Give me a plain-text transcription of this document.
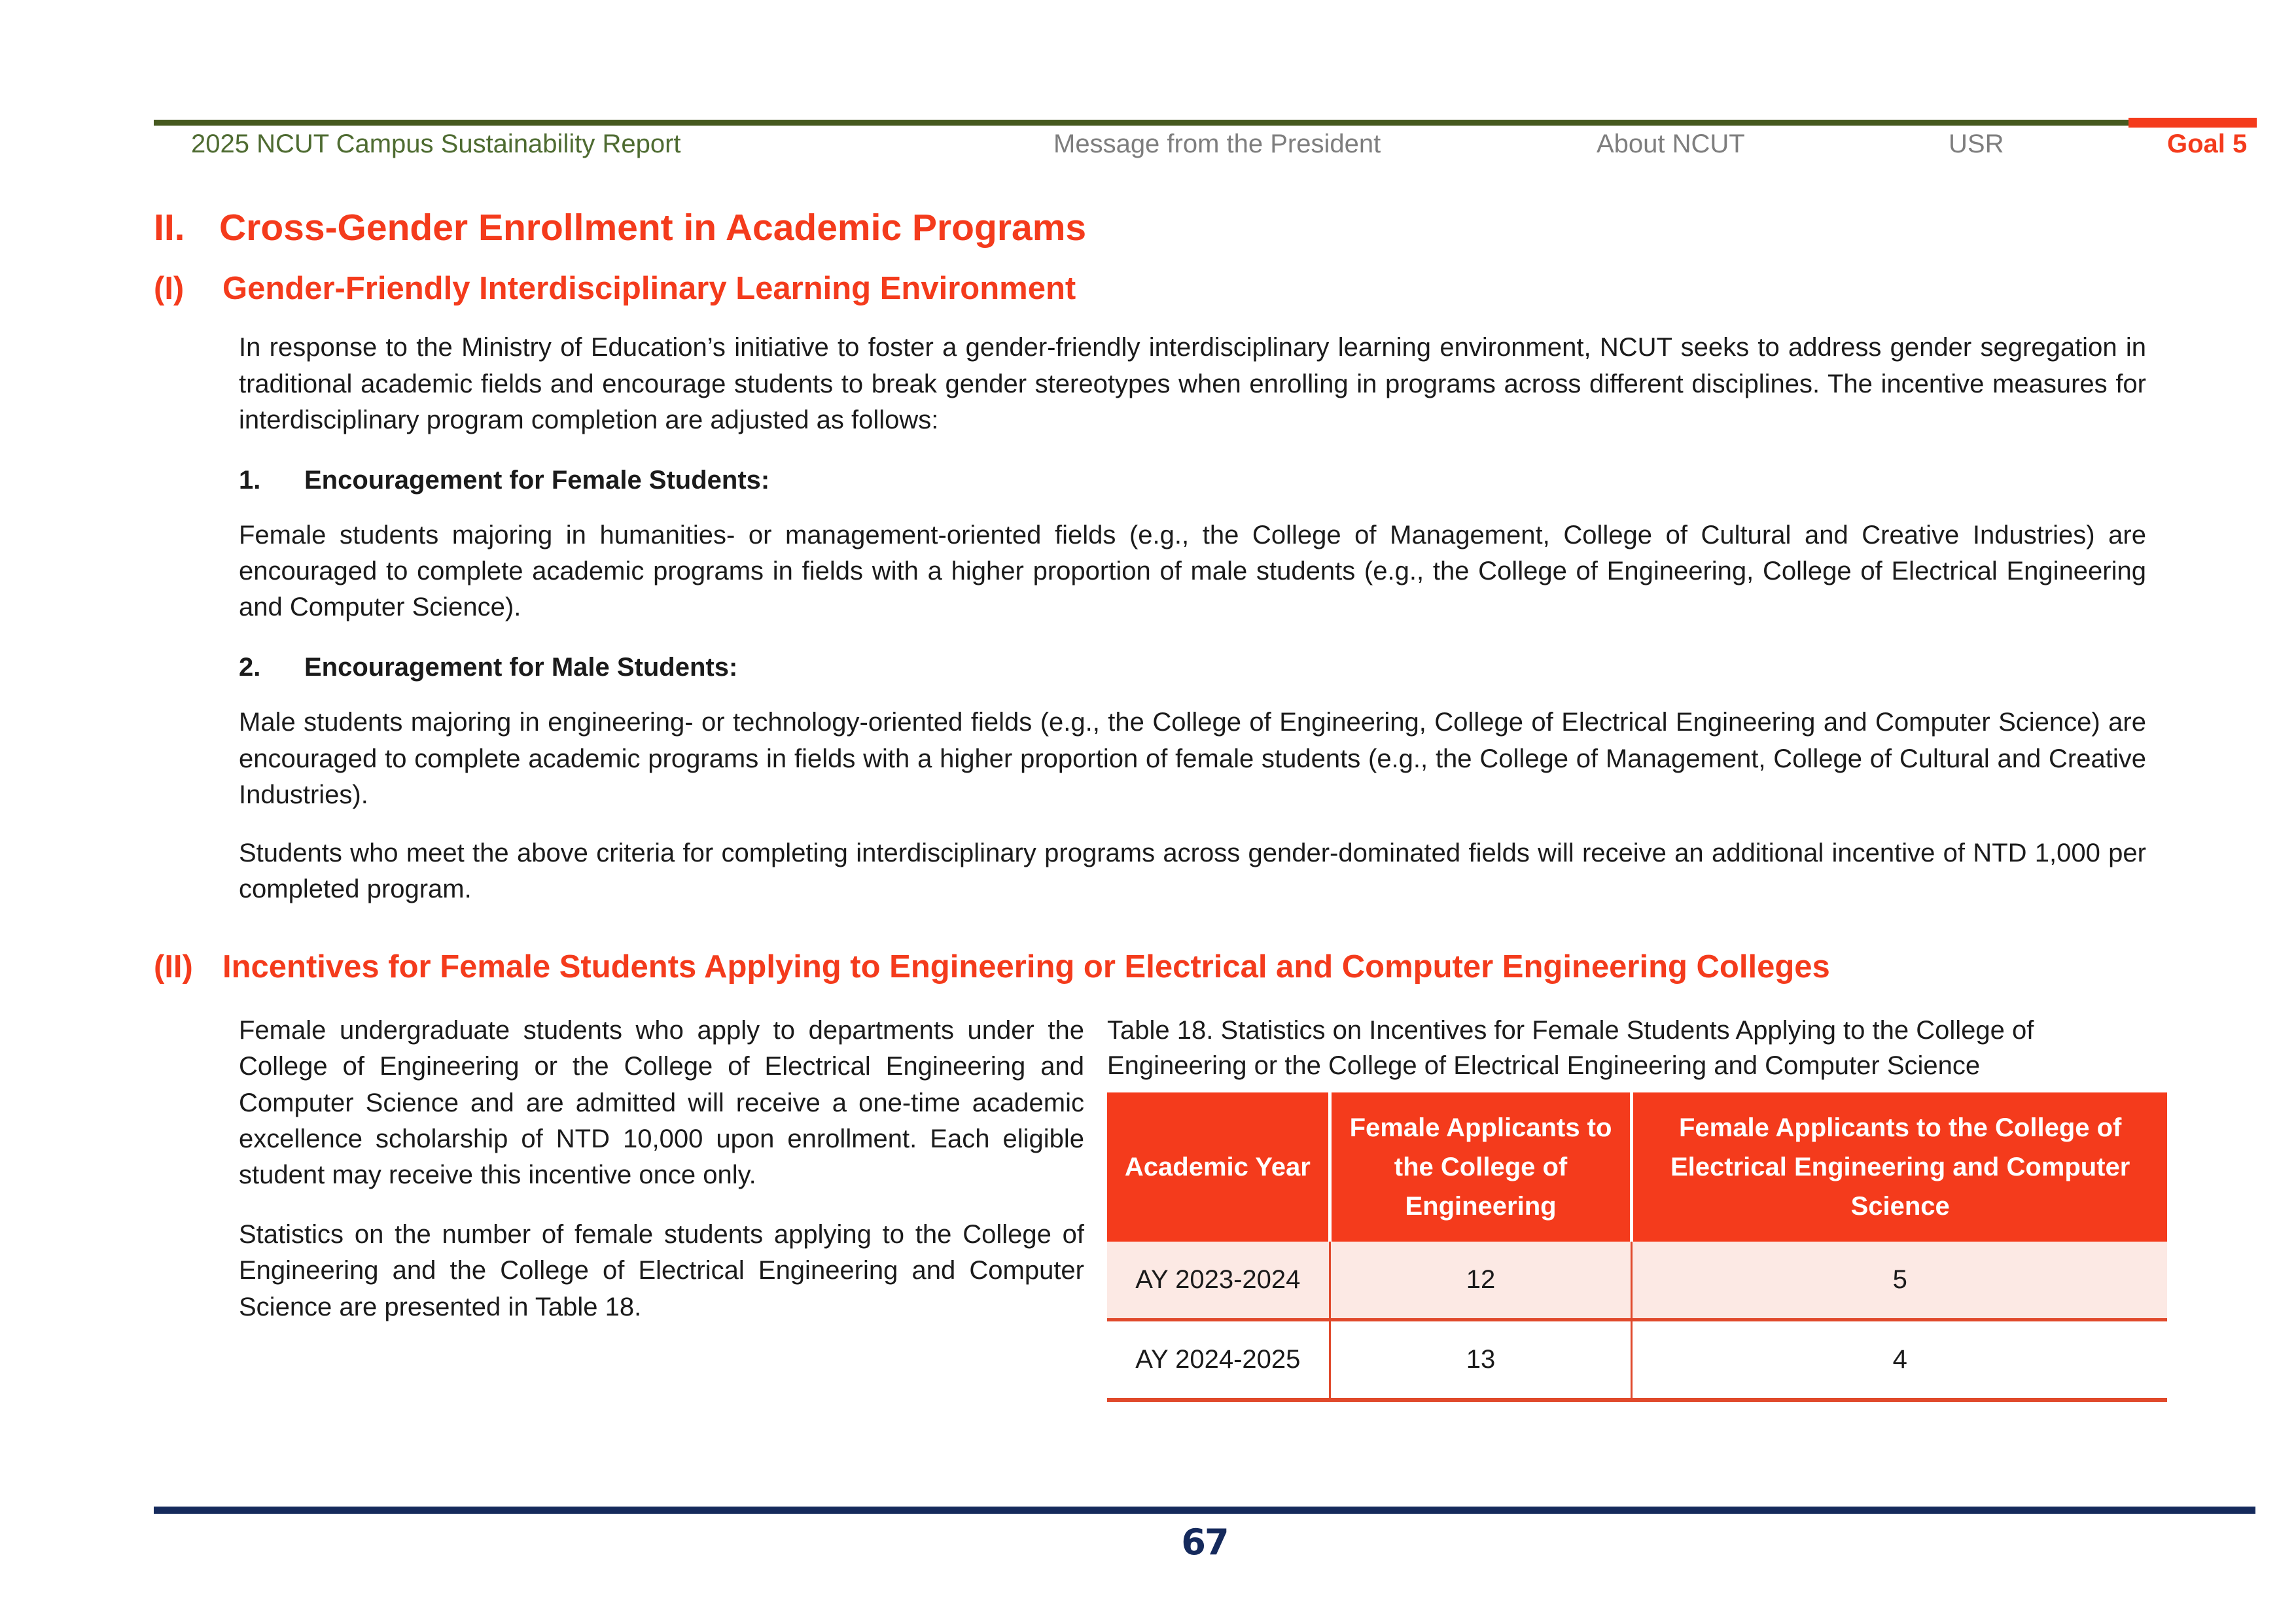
2025 NCUT Campus Sustainability Report	Message from the President	About NCUT	USR	Goal 5
II. Cross-Gender Enrollment in Academic Programs
(I)	Gender-Friendly Interdisciplinary Learning Environment
In response to the Ministry of Education’s initiative to foster a gender-friendly interdisciplinary learning environment, NCUT seeks to address gender segregation in traditional academic fields and encourage students to break gender stereotypes when enrolling in programs across different disciplines. The incentive measures for interdisciplinary program completion are adjusted as follows:
1.	Encouragement for Female Students:
Female students majoring in humanities- or management-oriented fields (e.g., the College of Management, College of Cultural and Creative Industries) are encouraged to complete academic programs in fields with a higher proportion of male students (e.g., the College of Engineering, College of Electrical Engineering and Computer Science).
2.	Encouragement for Male Students:
Male students majoring in engineering- or technology-oriented fields (e.g., the College of Engineering, College of Electrical Engineering and Computer Science) are encouraged to complete academic programs in fields with a higher proportion of female students (e.g., the College of Management, College of Cultural and Creative Industries).
Students who meet the above criteria for completing interdisciplinary programs across gender-dominated fields will receive an additional incentive of NTD 1,000 per completed program.
(II) Incentives for Female Students Applying to Engineering or Electrical and Computer Engineering Colleges
Female undergraduate students who apply to departments under the College of Engineering or the College of Electrical Engineering and Computer Science and are admitted will receive a one-time academic excellence scholarship of NTD 10,000 upon enrollment. Each eligible student may receive this incentive once only.
Statistics on the number of female students applying to the College of Engineering and the College of Electrical Engineering and Computer Science are presented in Table 18.
Table 18. Statistics on Incentives for Female Students Applying to the College of Engineering or the College of Electrical Engineering and Computer Science
Academic Year	Female Applicants to the College of Engineering	Female Applicants to the College of Electrical Engineering and Computer Science
AY 2023-2024	12	5
AY 2024-2025	13	4
67
